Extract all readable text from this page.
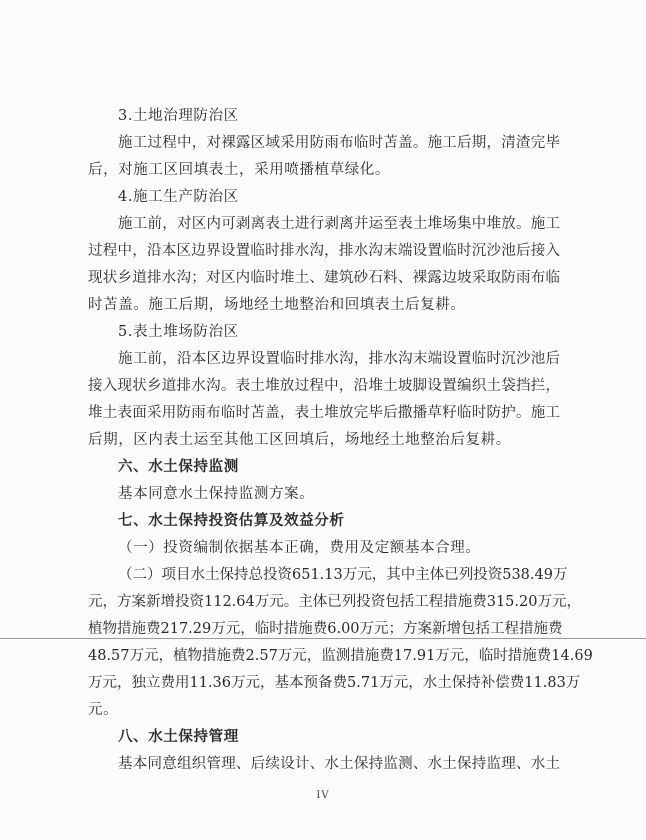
3.土地治理防治区
施工过程中，对裸露区域采用防雨布临时苫盖。施工后期，清渣完毕
后，对施工区回填表土，采用喷播植草绿化。
4.施工生产防治区
施工前，对区内可剥离表土进行剥离并运至表土堆场集中堆放。施工
过程中，沿本区边界设置临时排水沟，排水沟末端设置临时沉沙池后接入
现状乡道排水沟；对区内临时堆土、建筑砂石料、裸露边坡采取防雨布临
时苫盖。施工后期，场地经土地整治和回填表土后复耕。
5.表土堆场防治区
施工前，沿本区边界设置临时排水沟，排水沟末端设置临时沉沙池后
接入现状乡道排水沟。表土堆放过程中，沿堆土坡脚设置编织土袋挡拦，
堆土表面采用防雨布临时苫盖，表土堆放完毕后撒播草籽临时防护。施工
后期，区内表土运至其他工区回填后，场地经土地整治后复耕。
六、水土保持监测
基本同意水土保持监测方案。
七、水土保持投资估算及效益分析
（一）投资编制依据基本正确，费用及定额基本合理。
（二）项目水土保持总投资651.13万元，其中主体已列投资538.49万
元，方案新增投资112.64万元。主体已列投资包括工程措施费315.20万元，
植物措施费217.29万元，临时措施费6.00万元；方案新增包括工程措施费
48.57万元，植物措施费2.57万元，监测措施费17.91万元，临时措施费14.69
万元，独立费用11.36万元，基本预备费5.71万元，水土保持补偿费11.83万
元。
八、水土保持管理
基本同意组织管理、后续设计、水土保持监测、水土保持监理、水土
IV
